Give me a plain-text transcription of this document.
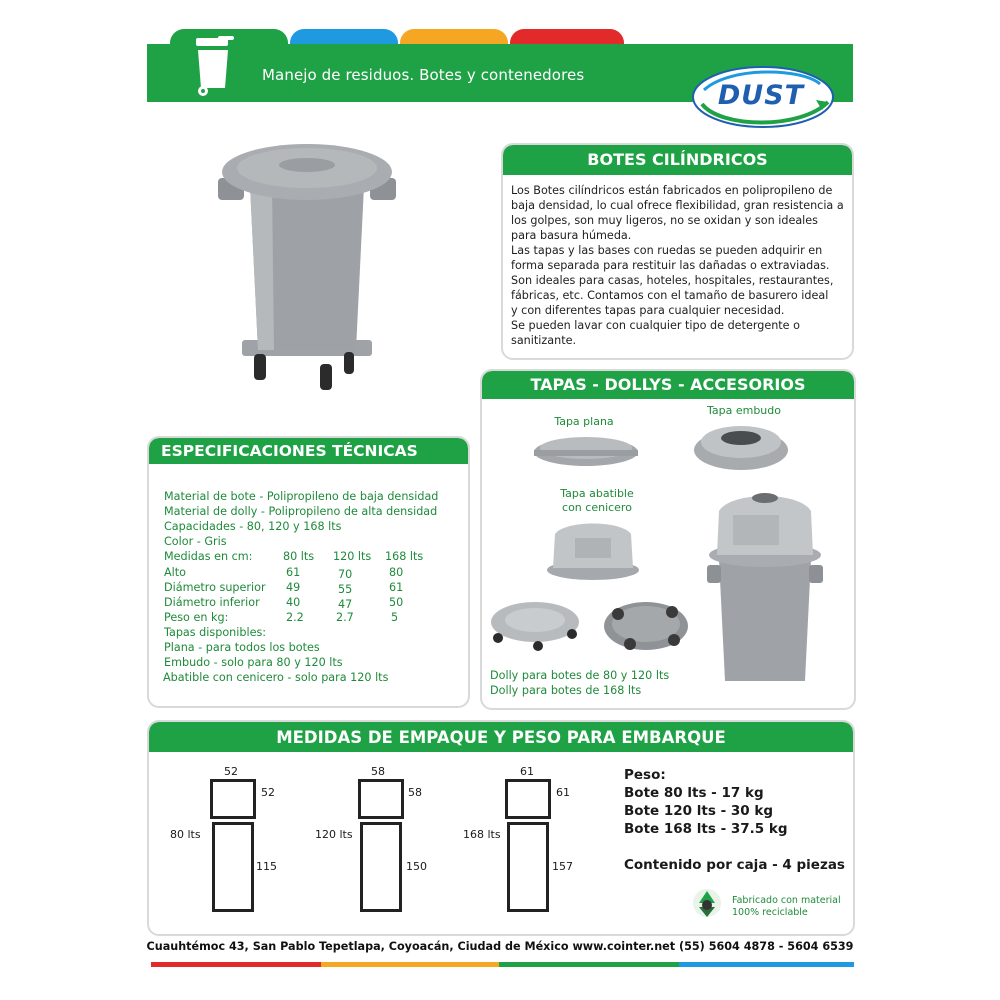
Manejo de residuos. Botes y contenedores
DUST
BOTES CILÍNDRICOS
Los Botes cilíndricos están fabricados en polipropileno de
baja densidad, lo cual ofrece flexibilidad, gran resistencia a
los golpes, son muy ligeros, no se oxidan y son ideales
para basura húmeda.
Las tapas y las bases con ruedas se pueden adquirir en
forma separada para restituir las dañadas o extraviadas.
Son ideales para casas, hoteles, hospitales, restaurantes,
fábricas, etc. Contamos con el tamaño de basurero ideal
y con diferentes tapas para cualquier necesidad.
Se pueden lavar con cualquier tipo de detergente o
sanitizante.
TAPAS - DOLLYS - ACCESORIOS
Tapa plana
Tapa embudo
Tapa abatible
con cenicero
Dolly para botes de 80 y 120 lts
Dolly para botes de 168 lts
ESPECIFICACIONES TÉCNICAS
Material de bote - Polipropileno de baja densidad
Material de dolly - Polipropileno de alta densidad
Capacidades - 80, 120 y 168 lts
Color - Gris
Medidas en cm:	80 lts 120 lts 168 lts
Alto	61	70	80
Diámetro superior 49	55	61
Diámetro inferior 40	47	50
Peso en kg:	2.2	2.7	5
Tapas disponibles:
Plana - para todos los botes
Embudo - solo para 80 y 120 lts
Abatible con cenicero - solo para 120 lts
MEDIDAS DE EMPAQUE Y PESO PARA EMBARQUE
52
52
80 lts
115
58
58
120 lts
150
61
61
168 lts
157
Peso:
Bote 80 lts - 17 kg
Bote 120 lts - 30 kg
Bote 168 lts - 37.5 kg
Contenido por caja - 4 piezas
Fabricado con material
100% reciclable
Cuauhtémoc 43, San Pablo Tepetlapa, Coyoacán, Ciudad de México www.cointer.net (55) 5604 4878 - 5604 6539
